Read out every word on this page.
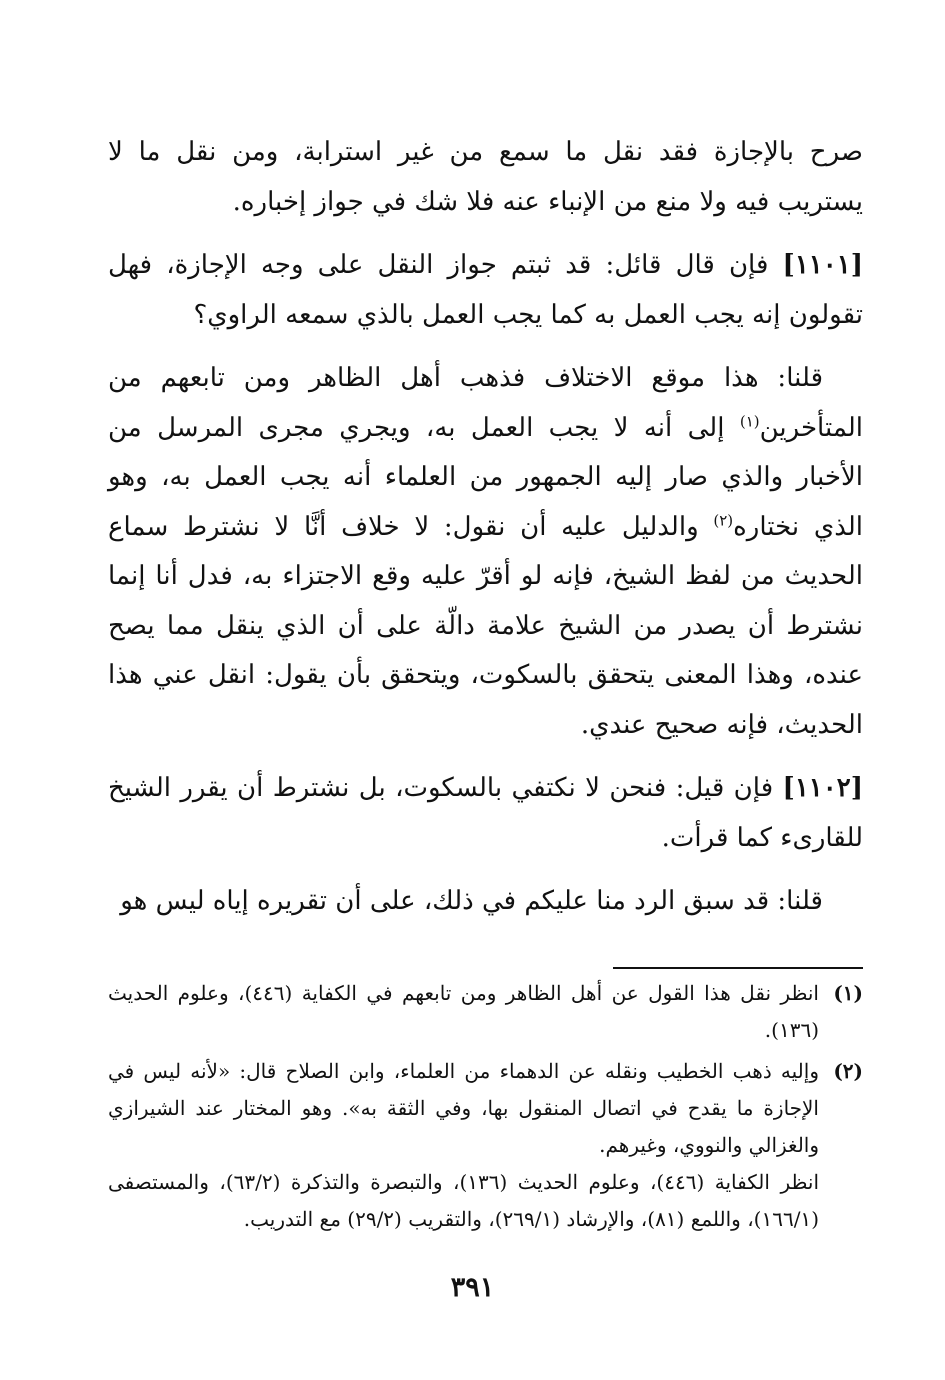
صرح بالإجازة فقد نقل ما سمع من غير استرابة، ومن نقل ما لا يستريب فيه ولا منع من الإنباء عنه فلا شك في جواز إخباره.

[١١٠١] فإن قال قائل: قد ثبتم جواز النقل على وجه الإجازة، فهل تقولون إنه يجب العمل به كما يجب العمل بالذي سمعه الراوي؟

قلنا: هذا موقع الاختلاف فذهب أهل الظاهر ومن تابعهم من المتأخرين$^{(١)}$ إلى أنه لا يجب العمل به، ويجري مجرى المرسل من الأخبار والذي صار إليه الجمهور من العلماء أنه يجب العمل به، وهو الذي نختاره$^{(٢)}$ والدليل عليه أن نقول: لا خلاف أنَّا لا نشترط سماع الحديث من لفظ الشيخ، فإنه لو أقرّ عليه وقع الاجتزاء به، فدل أنا إنما نشترط أن يصدر من الشيخ علامة دالّة على أن الذي ينقل مما يصح عنده، وهذا المعنى يتحقق بالسكوت، ويتحقق بأن يقول: انقل عني هذا الحديث، فإنه صحيح عندي.

[١١٠٢] فإن قيل: فنحن لا نكتفي بالسكوت، بل نشترط أن يقرر الشيخ للقارىء كما قرأت.

قلنا: قد سبق الرد منا عليكم في ذلك، على أن تقريره إياه ليس هو

(١)

انظر نقل هذا القول عن أهل الظاهر ومن تابعهم في الكفاية (٤٤٦)، وعلوم الحديث (١٣٦).

(٢)

وإليه ذهب الخطيب ونقله عن الدهماء من العلماء، وابن الصلاح قال: «لأنه ليس في الإجازة ما يقدح في اتصال المنقول بها، وفي الثقة به». وهو المختار عند الشيرازي والغزالي والنووي، وغيرهم.

انظر الكفاية (٤٤٦)، وعلوم الحديث (١٣٦)، والتبصرة والتذكرة (٦٣/٢)، والمستصفى (١٦٦/١)، واللمع (٨١)، والإرشاد (٢٦٩/١)، والتقريب (٢٩/٢) مع التدريب.

٣٩١
